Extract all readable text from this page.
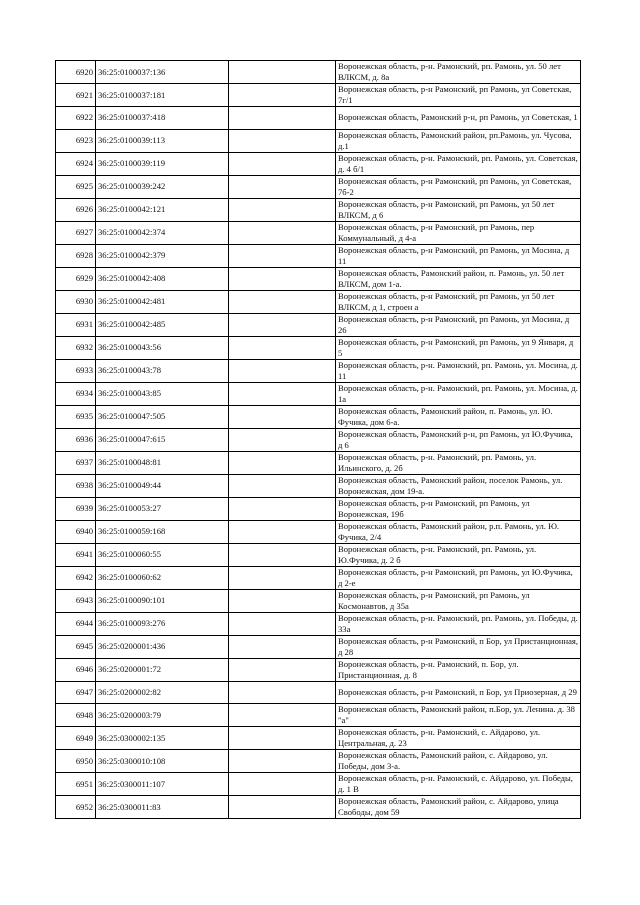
6920	36:25:0100037:136		Воронежская область, р-н. Рамонский, рп. Рамонь, ул. 50 лет ВЛКСМ, д. 8а
6921	36:25:0100037:181		Воронежская область, р-н Рамонский, рп Рамонь, ул Советская, 7г/1
6922	36:25:0100037:418		Воронежская область, Рамонский р-н, рп Рамонь, ул Советская, 1
6923	36:25:0100039:113		Воронежская область, Рамонский район, рп.Рамонь, ул. Чусова, д.1
6924	36:25:0100039:119		Воронежская область, р-н. Рамонский, рп. Рамонь, ул. Советская, д. 4 б/1
6925	36:25:0100039:242		Воронежская область, р-н Рамонский, рп Рамонь, ул Советская, 7б-2
6926	36:25:0100042:121		Воронежская область, р-н Рамонский, рп Рамонь, ул 50 лет ВЛКСМ, д 6
6927	36:25:0100042:374		Воронежская область, р-н Рамонский, рп Рамонь, пер Коммунальный, д 4-а
6928	36:25:0100042:379		Воронежская область, р-н Рамонский, рп Рамонь, ул Мосина, д 11
6929	36:25:0100042:408		Воронежская область, Рамонский район, п. Рамонь, ул. 50 лет ВЛКСМ, дом 1-а.
6930	36:25:0100042:481		Воронежская область, р-н Рамонский, рп Рамонь, ул 50 лет ВЛКСМ, д 1, строен а
6931	36:25:0100042:485		Воронежская область, р-н Рамонский, рп Рамонь, ул Мосина, д 26
6932	36:25:0100043:56		Воронежская область, р-н Рамонский, рп Рамонь, ул 9 Января, д 5
6933	36:25:0100043:78		Воронежская область, р-н. Рамонский, рп. Рамонь, ул. Мосина, д. 11
6934	36:25:0100043:85		Воронежская область, р-н. Рамонский, рп. Рамонь, ул. Мосина, д. 1а
6935	36:25:0100047:505		Воронежская область, Рамонский район, п. Рамонь, ул. Ю. Фучика, дом 6-а.
6936	36:25:0100047:615		Воронежская область, Рамонский р-н, рп Рамонь, ул Ю.Фучика, д 6
6937	36:25:0100048:81		Воронежская область, р-н. Рамонский, рп. Рамонь, ул. Ильинского, д. 2б
6938	36:25:0100049:44		Воронежская область, Рамонский район, поселок Рамонь, ул. Воронежская, дом 19-а.
6939	36:25:0100053:27		Воронежская область, р-н Рамонский, рп Рамонь, ул Воронежская, 19б
6940	36:25:0100059:168		Воронежская область, Рамонский район, р.п. Рамонь, ул. Ю. Фучика, 2/4
6941	36:25:0100060:55		Воронежская область, р-н. Рамонский, рп. Рамонь, ул. Ю.Фучика, д. 2 б
6942	36:25:0100060:62		Воронежская область, р-н Рамонский, рп Рамонь, ул Ю.Фучика, д 2-е
6943	36:25:0100090:101		Воронежская область, р-н Рамонский, рп Рамонь, ул Космонавтов, д 35а
6944	36:25:0100093:276		Воронежская область, р-н. Рамонский, рп. Рамонь, ул. Победы, д. 33а
6945	36:25:0200001:436		Воронежская область, р-н Рамонский, п Бор, ул Пристанционная, д 28
6946	36:25:0200001:72		Воронежская область, р-н. Рамонский, п. Бор, ул. Пристанционная, д. 8
6947	36:25:0200002:82		Воронежская область, р-н Рамонский, п Бор, ул Приозерная, д 29
6948	36:25:0200003:79		Воронежская область, Рамонский район, п.Бор, ул. Ленина. д. 38 "а"
6949	36:25:0300002:135		Воронежская область, р-н. Рамонский, с. Айдарово, ул. Центральная, д. 23
6950	36:25:0300010:108		Воронежская область, Рамонский район, с. Айдарово, ул. Победы, дом 3-а.
6951	36:25:0300011:107		Воронежская область, р-н. Рамонский, с. Айдарово, ул. Победы, д. 1 В
6952	36:25:0300011:83		Воронежская область, Рамонский район, с. Айдарово, улица Свободы, дом 59
